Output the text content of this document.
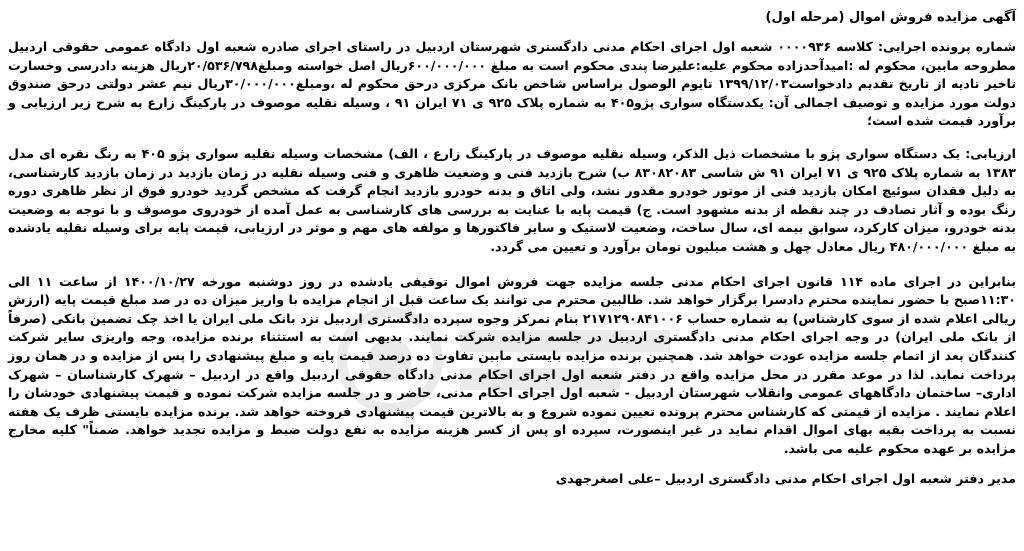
آگهی مزایده فروش اموال (مرحله اول)

شماره پرونده اجرایی: کلاسه ۰۰۰۰۹۳۶ شعبه اول اجرای احکام مدنی دادگستری شهرستان اردبیل در راستای اجرای صادره شعبه اول دادگاه عمومی حقوقی اردبیل مطروحه مابین، محکوم له :امیدآحدزاده محکوم علیه:علیرضا پندی محکوم است به مبلغ ۶۰۰/۰۰۰/۰۰۰ریال اصل خواسته ومبلغ۲۰/۵۳۶/۷۹۸ریال هزینه دادرسی وخسارت تاخیر تادیه از تاریخ تقدیم دادخواست۱۳۹۹/۱۲/۰۳ تایوم الوصول براساس شاخص بانک مرکزی درحق محکوم له ،ومبلغ۳۰/۰۰۰/۰۰۰ریال نیم عشر دولتی درحق صندوق دولت مورد مزایده و توصیف اجمالی آن: یکدستگاه سواری پژو۴۰۵ به شماره پلاک ۹۲۵ ی ۷۱ ایران ۹۱ ، وسیله نقلیه موصوف در پارکینگ زارع به شرح زیر ارزیابی و برآورد قیمت شده است؛

ارزیابی: یک دستگاه سواری پژو با مشخصات ذیل الذکر، وسیله نقلیه موصوف در پارکینگ زارع ، الف) مشخصات وسیله نقلیه سواری پژو ۴۰۵ به رنگ نقره ای مدل ۱۳۸۳ به شماره پلاک ۹۲۵ ی ۷۱ ایران ۹۱ ش شاسی ۸۳۰۸۲۰۸۳ ب) شرح بازدید فنی و وضعیت ظاهری و فنی وسیله نقلیه در زمان بازدید در زمان بازدید کارشناسی، به دلیل فقدان سوئیچ امکان بازدید فنی از موتور خودرو مقدور نشد، ولی اتاق و بدنه خودرو بازدید انجام گرفت که مشخص گردید خودرو فوق از نظر ظاهری دوره رنگ بوده و آثار تصادف در چند نقطه از بدنه مشهود است. ج) قیمت پایه با عنایت به بررسی های کارشناسی به عمل آمده از خودروی موصوف و با توجه به وضعیت بدنه خودرو، میزان کارکرد، سوابق بیمه ای، سال ساخت، وضعیت لاستیک و سایر فاکتورها و مولفه های مهم و موثر در ارزیابی، قیمت پایه برای وسیله نقلیه یادشده به مبلغ ۴۸۰/۰۰۰/۰۰۰ ریال معادل چهل و هشت میلیون تومان برآورد و تعیین می گردد.

بنابراین در اجرای ماده ۱۱۴ قانون اجرای احکام مدنی جلسه مزایده جهت فروش اموال توقیفی یادشده در روز دوشنبه مورخه ۱۴۰۰/۱۰/۲۷ از ساعت ۱۱ الی ۱۱:۳۰صبح با حضور نماینده محترم دادسرا برگزار خواهد شد. طالبین محترم می توانند یک ساعت قبل از انجام مزایده با واریز میزان ده در صد مبلغ قیمت پایه (ارزش ریالی اعلام شده از سوی کارشناس) به شماره حساب ۲۱۷۱۲۹۰۸۴۱۰۰۶ بنام تمرکز وجوه سپرده دادگستری اردبیل نزد بانک ملی ایران یا اخذ چک تضمین بانکی (صرفاً از بانک ملی ایران) در وجه اجرای احکام مدنی دادگستری اردبیل در جلسه مزایده شرکت نمایند. بدیهی است به استثناء برنده مزایده، وجه واریزی سایر شرکت کنندگان بعد از اتمام جلسه مزایده عودت خواهد شد. همچنین برنده مزایده بایستی مابین تفاوت ده درصد قیمت پایه و مبلغ پیشنهادی را پس از مزایده و در همان روز پرداخت نماید. لذا در موعد مقرر در محل مزایده واقع در دفتر شعبه اول اجرای احکام مدنی دادگاه حقوقی اردبیل واقع در اردبیل – شهرک کارشناسان – شهرک اداری– ساختمان دادگاههای عمومی وانقلاب شهرستان اردبیل - شعبه اول اجرای احکام مدنی، حاضر و در جلسه مزایده شرکت نموده و قیمت پیشنهادی خودشان را اعلام نمایند . مزایده از قیمتی که کارشناس محترم پرونده تعیین نموده شروع و به بالاترین قیمت پیشنهادی فروخته خواهد شد. برنده مزایده بایستی ظرف یک هفته نسبت به پرداخت بقیه بهای اموال اقدام نماید در غیر اینصورت، سپرده او پس از کسر هزینه مزایده به نفع دولت ضبط و مزایده تجدید خواهد. ضمناً" کلیه مخارج مزایده بر عهده محکوم علیه می باشد.

مدیر دفتر شعبه اول اجرای احکام مدنی دادگستری اردبیل –علی اصغرجهدی
